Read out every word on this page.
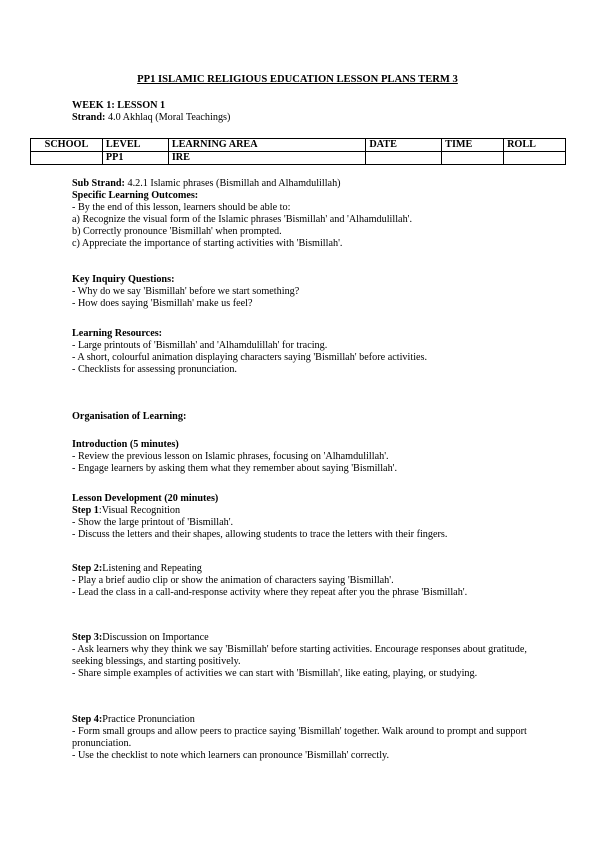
PP1 ISLAMIC RELIGIOUS EDUCATION LESSON PLANS TERM 3

WEEK 1: LESSON 1

Strand: 4.0 Akhlaq (Moral Teachings)

SCHOOL	LEVEL	LEARNING AREA	DATE	TIME	ROLL
	PP1	IRE			

Sub Strand: 4.2.1 Islamic phrases (Bismillah and Alhamdulillah)

Specific Learning Outcomes:

- By the end of this lesson, learners should be able to:

a) Recognize the visual form of the Islamic phrases 'Bismillah' and 'Alhamdulillah'.

b) Correctly pronounce 'Bismillah' when prompted.

c) Appreciate the importance of starting activities with 'Bismillah'.

Key Inquiry Questions:

- Why do we say 'Bismillah' before we start something?

- How does saying 'Bismillah' make us feel?

Learning Resources:

- Large printouts of 'Bismillah' and 'Alhamdulillah' for tracing.

- A short, colourful animation displaying characters saying 'Bismillah' before activities.

- Checklists for assessing pronunciation.

Organisation of Learning:

Introduction (5 minutes)

- Review the previous lesson on Islamic phrases, focusing on 'Alhamdulillah'.

- Engage learners by asking them what they remember about saying 'Bismillah'.

Lesson Development (20 minutes)

Step 1:Visual Recognition

- Show the large printout of 'Bismillah'.

- Discuss the letters and their shapes, allowing students to trace the letters with their fingers.

Step 2:Listening and Repeating

- Play a brief audio clip or show the animation of characters saying 'Bismillah'.

- Lead the class in a call-and-response activity where they repeat after you the phrase 'Bismillah'.

Step 3:Discussion on Importance

- Ask learners why they think we say 'Bismillah' before starting activities. Encourage responses about gratitude, seeking blessings, and starting positively.

- Share simple examples of activities we can start with 'Bismillah', like eating, playing, or studying.

Step 4:Practice Pronunciation

- Form small groups and allow peers to practice saying 'Bismillah' together. Walk around to prompt and support pronunciation.

- Use the checklist to note which learners can pronounce 'Bismillah' correctly.
